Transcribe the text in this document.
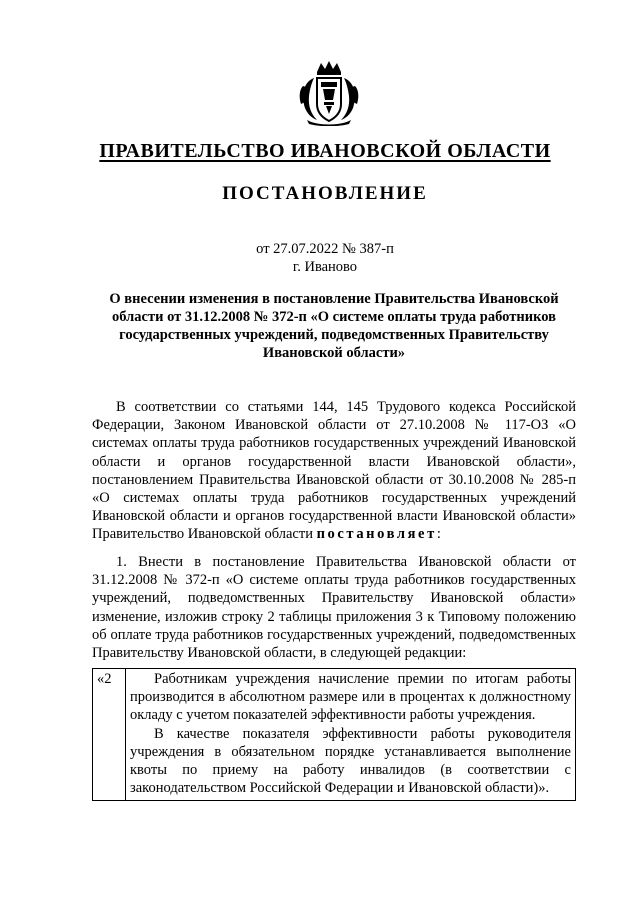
ПРАВИТЕЛЬСТВО ИВАНОВСКОЙ ОБЛАСТИ
ПОСТАНОВЛЕНИЕ
от 27.07.2022 № 387-п
г. Иваново
О внесении изменения в постановление Правительства Ивановской области от 31.12.2008 № 372-п «О системе оплаты труда работников государственных учреждений, подведомственных Правительству Ивановской области»
В соответствии со статьями 144, 145 Трудового кодекса Российской Федерации, Законом Ивановской области от 27.10.2008 № 117-ОЗ «О системах оплаты труда работников государственных учреждений Ивановской области и органов государственной власти Ивановской области», постановлением Правительства Ивановской области от 30.10.2008 № 285-п «О системах оплаты труда работников государственных учреждений Ивановской области и органов государственной власти Ивановской области» Правительство Ивановской области постановляет:
1. Внести в постановление Правительства Ивановской области от 31.12.2008 № 372-п «О системе оплаты труда работников государственных учреждений, подведомственных Правительству Ивановской области» изменение, изложив строку 2 таблицы приложения 3 к Типовому положению об оплате труда работников государственных учреждений, подведомственных Правительству Ивановской области, в следующей редакции:
«2	Работникам учреждения начисление премии по итогам работы производится в абсолютном размере или в процентах к должностному окладу с учетом показателей эффективности работы учреждения.

В качестве показателя эффективности работы руководителя учреждения в обязательном порядке устанавливается выполнение квоты по приему на работу инвалидов (в соответствии с законодательством Российской Федерации и Ивановской области)».
